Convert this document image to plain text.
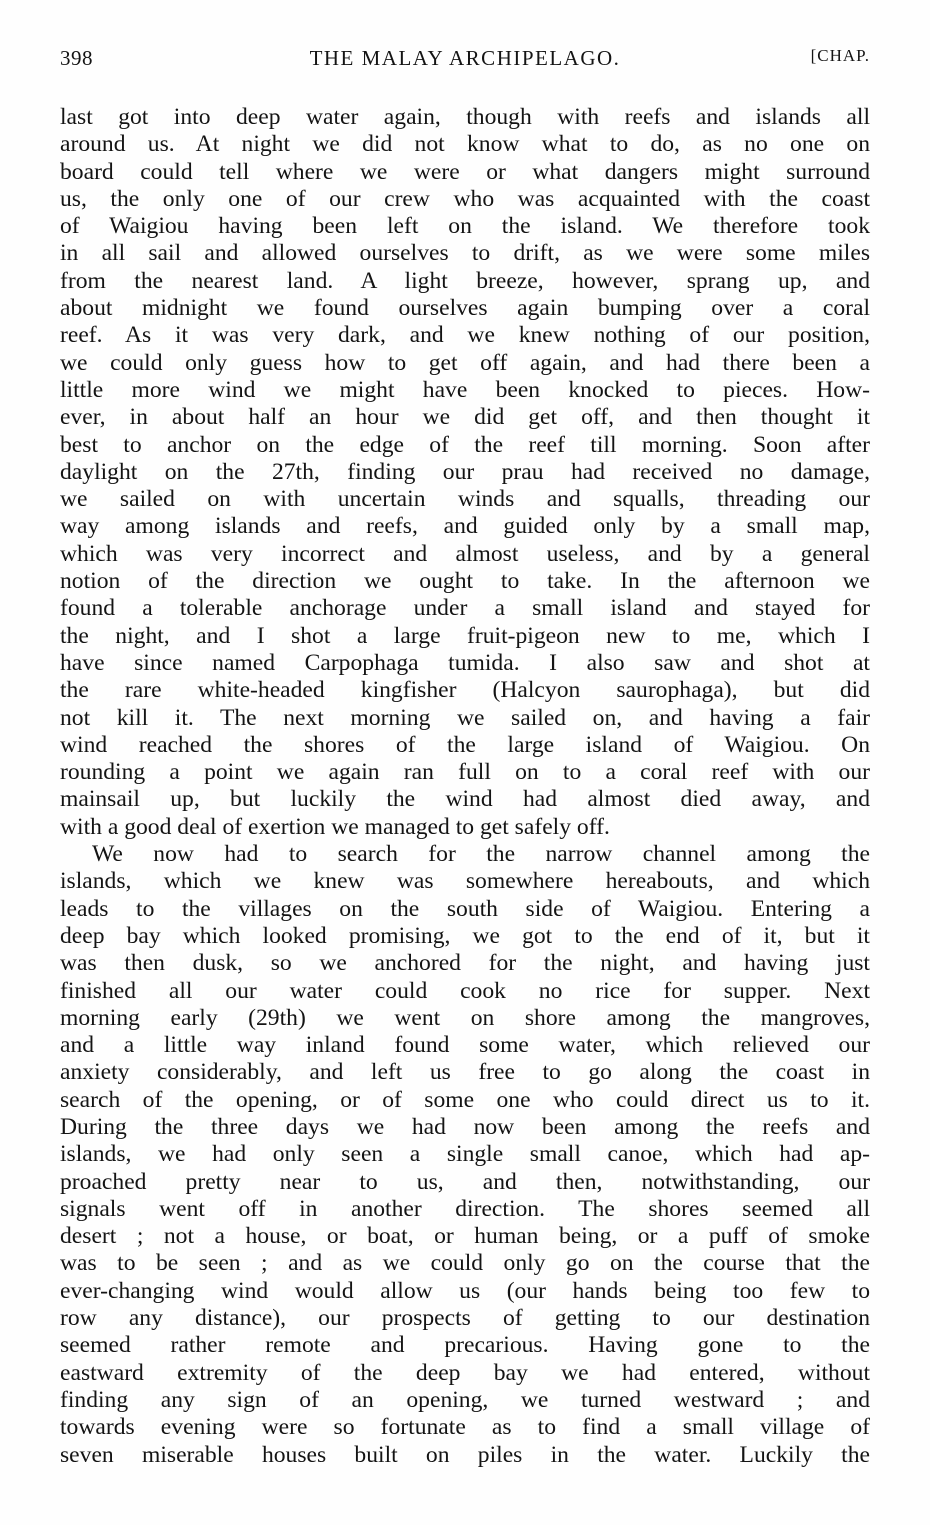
398	THE MALAY ARCHIPELAGO.	[CHAP.
last got into deep water again, though with reefs and islands all
around us. At night we did not know what to do, as no one on
board could tell where we were or what dangers might surround
us, the only one of our crew who was acquainted with the coast
of Waigiou having been left on the island. We therefore took
in all sail and allowed ourselves to drift, as we were some miles
from the nearest land. A light breeze, however, sprang up, and
about midnight we found ourselves again bumping over a coral
reef. As it was very dark, and we knew nothing of our position,
we could only guess how to get off again, and had there been a
little more wind we might have been knocked to pieces. How-
ever, in about half an hour we did get off, and then thought it
best to anchor on the edge of the reef till morning. Soon after
daylight on the 27th, finding our prau had received no damage,
we sailed on with uncertain winds and squalls, threading our
way among islands and reefs, and guided only by a small map,
which was very incorrect and almost useless, and by a general
notion of the direction we ought to take. In the afternoon we
found a tolerable anchorage under a small island and stayed for
the night, and I shot a large fruit-pigeon new to me, which I
have since named Carpophaga tumida. I also saw and shot at
the rare white-headed kingfisher (Halcyon saurophaga), but did
not kill it. The next morning we sailed on, and having a fair
wind reached the shores of the large island of Waigiou. On
rounding a point we again ran full on to a coral reef with our
mainsail up, but luckily the wind had almost died away, and
with a good deal of exertion we managed to get safely off.
We now had to search for the narrow channel among the
islands, which we knew was somewhere hereabouts, and which
leads to the villages on the south side of Waigiou. Entering a
deep bay which looked promising, we got to the end of it, but it
was then dusk, so we anchored for the night, and having just
finished all our water could cook no rice for supper. Next
morning early (29th) we went on shore among the mangroves,
and a little way inland found some water, which relieved our
anxiety considerably, and left us free to go along the coast in
search of the opening, or of some one who could direct us to it.
During the three days we had now been among the reefs and
islands, we had only seen a single small canoe, which had ap-
proached pretty near to us, and then, notwithstanding, our
signals went off in another direction. The shores seemed all
desert ; not a house, or boat, or human being, or a puff of smoke
was to be seen ; and as we could only go on the course that the
ever-changing wind would allow us (our hands being too few to
row any distance), our prospects of getting to our destination
seemed rather remote and precarious. Having gone to the
eastward extremity of the deep bay we had entered, without
finding any sign of an opening, we turned westward ; and
towards evening were so fortunate as to find a small village of
seven miserable houses built on piles in the water. Luckily the
